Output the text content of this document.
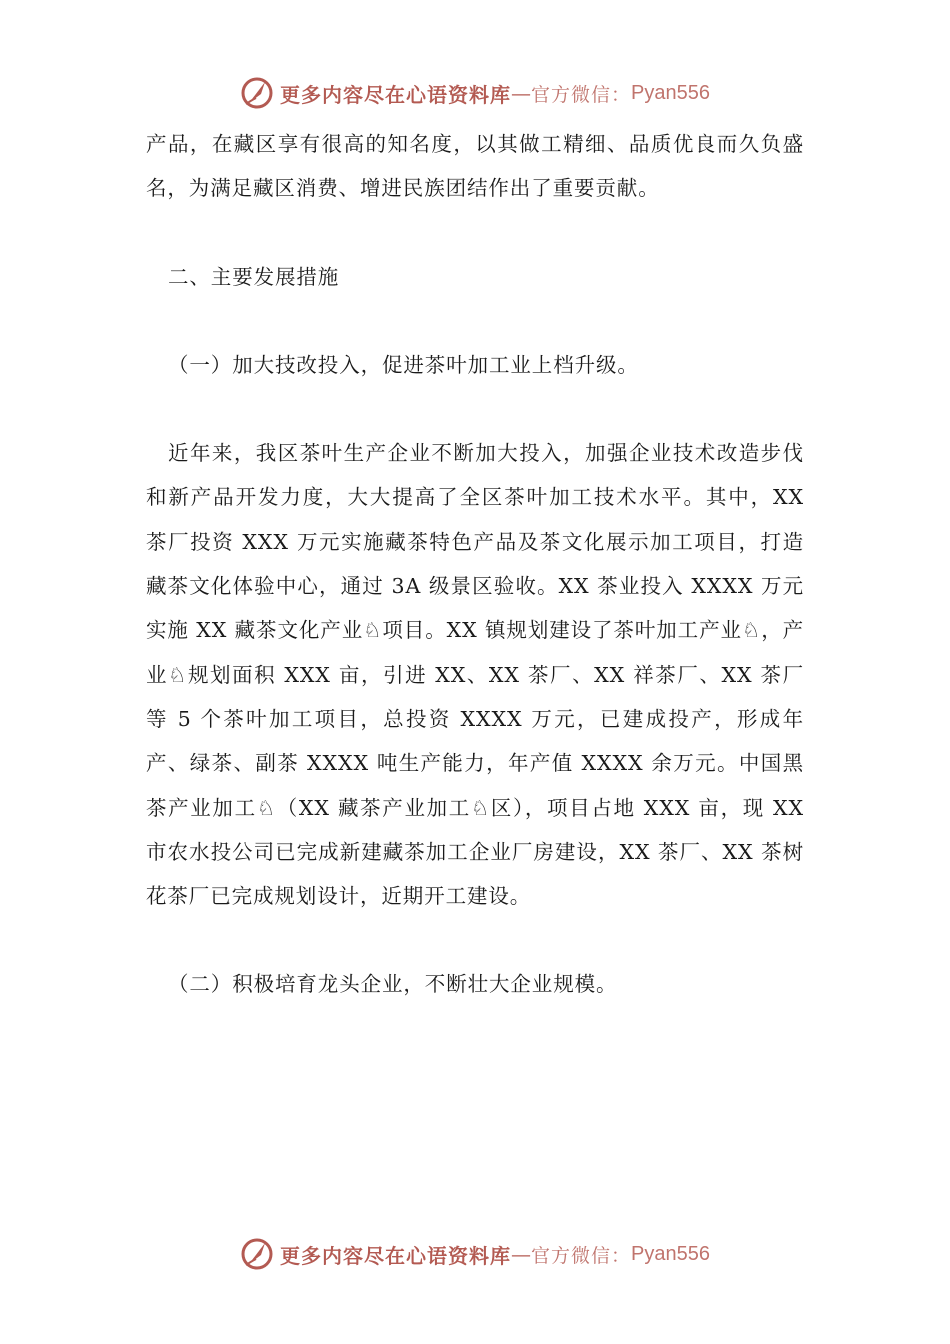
更多内容尽在心语资料库 — 官方微信： Pyan556

产品，在藏区享有很高的知名度，以其做工精细、品质优良而久负盛名，为满足藏区消费、增进民族团结作出了重要贡献。

二、主要发展措施

（一）加大技改投入，促进茶叶加工业上档升级。

近年来，我区茶叶生产企业不断加大投入，加强企业技术改造步伐和新产品开发力度，大大提高了全区茶叶加工技术水平。其中，XX 茶厂投资 XXX 万元实施藏茶特色产品及茶文化展示加工项目，打造藏茶文化体验中心，通过 3A 级景区验收。XX 茶业投入 XXXX 万元实施 XX 藏茶文化产业♘项目。XX 镇规划建设了茶叶加工产业♘，产业♘规划面积 XXX 亩，引进 XX、XX 茶厂、XX 祥茶厂、XX 茶厂等 5 个茶叶加工项目，总投资 XXXX 万元，已建成投产，形成年产、绿茶、副茶 XXXX 吨生产能力，年产值 XXXX 余万元。中国黑茶产业加工♘（XX 藏茶产业加工♘区），项目占地 XXX 亩，现 XX 市农水投公司已完成新建藏茶加工企业厂房建设，XX 茶厂、XX 茶树花茶厂已完成规划设计，近期开工建设。

（二）积极培育龙头企业，不断壮大企业规模。

更多内容尽在心语资料库 — 官方微信： Pyan556
